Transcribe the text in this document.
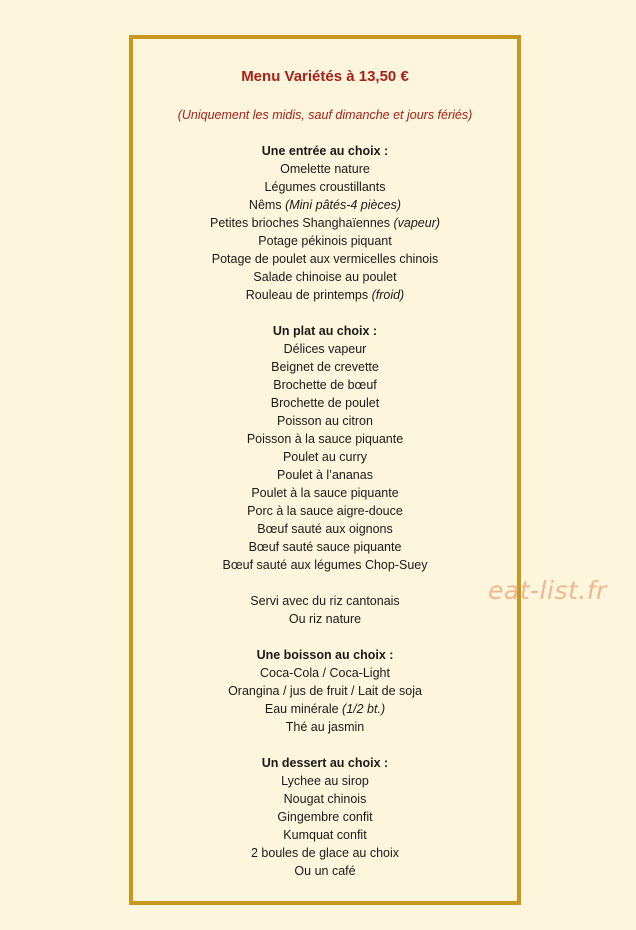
Menu Variétés à 13,50 €
(Uniquement les midis, sauf dimanche et jours fériés)
Une entrée au choix :
Omelette nature
Légumes croustillants
Nêms (Mini pâtés-4 pièces)
Petites brioches Shanghaïennes (vapeur)
Potage pékinois piquant
Potage de poulet aux vermicelles chinois
Salade chinoise au poulet
Rouleau de printemps (froid)
Un plat au choix :
Délices vapeur
Beignet de crevette
Brochette de bœuf
Brochette de poulet
Poisson au citron
Poisson à la sauce piquante
Poulet au curry
Poulet à l’ananas
Poulet à la sauce piquante
Porc à la sauce aigre-douce
Bœuf sauté aux oignons
Bœuf sauté sauce piquante
Bœuf sauté aux légumes Chop-Suey
Servi avec du riz cantonais
Ou riz nature
Une boisson au choix :
Coca-Cola / Coca-Light
Orangina / jus de fruit / Lait de soja
Eau minérale (1/2 bt.)
Thé au jasmin
Un dessert au choix :
Lychee au sirop
Nougat chinois
Gingembre confit
Kumquat confit
2 boules de glace au choix
Ou un café
eat-list.fr
